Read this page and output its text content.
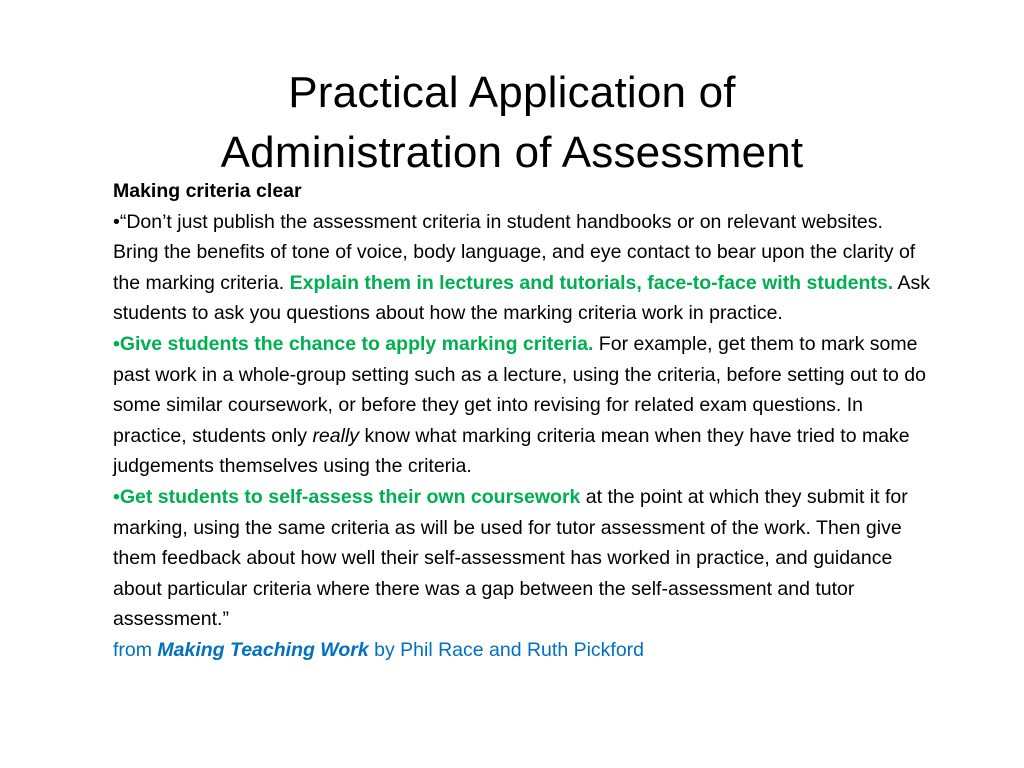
Practical Application of
Administration of Assessment

Making criteria clear

•“Don’t just publish the assessment criteria in student handbooks or on relevant websites. Bring the benefits of tone of voice, body language, and eye contact to bear upon the clarity of the marking criteria. Explain them in lectures and tutorials, face-to-face with students. Ask students to ask you questions about how the marking criteria work in practice.

•Give students the chance to apply marking criteria. For example, get them to mark some past work in a whole-group setting such as a lecture, using the criteria, before setting out to do some similar coursework, or before they get into revising for related exam questions. In practice, students only really know what marking criteria mean when they have tried to make judgements themselves using the criteria.

•Get students to self-assess their own coursework at the point at which they submit it for marking, using the same criteria as will be used for tutor assessment of the work. Then give them feedback about how well their self-assessment has worked in practice, and guidance about particular criteria where there was a gap between the self-assessment and tutor assessment.”

from Making Teaching Work by Phil Race and Ruth Pickford
